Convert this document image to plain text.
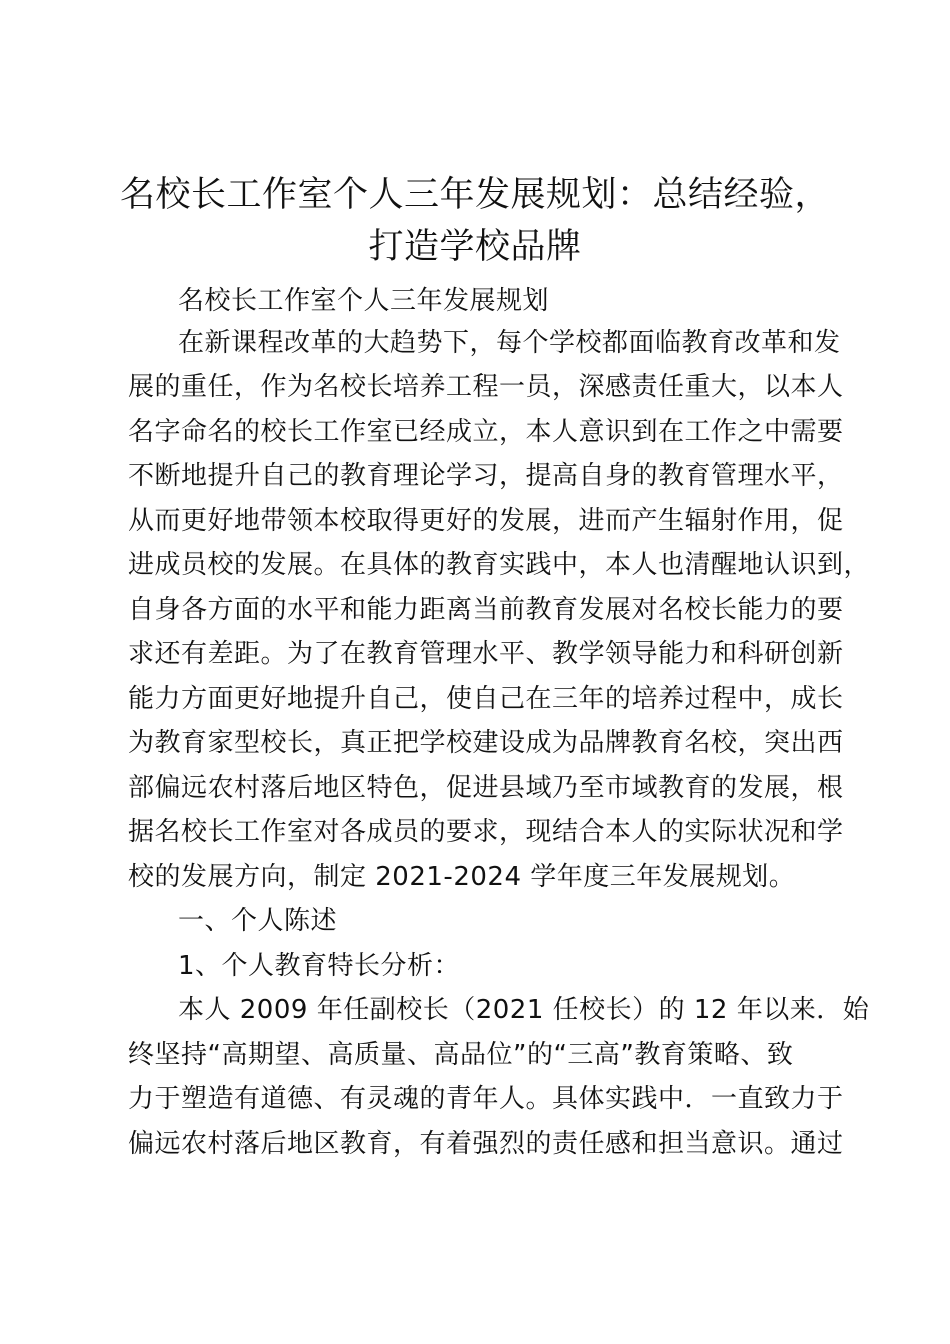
名校长工作室个人三年发展规划：总结经验，
打造学校品牌
名校长工作室个人三年发展规划
在新课程改革的大趋势下，每个学校都面临教育改革和发
展的重任，作为名校长培养工程一员，深感责任重大，以本人
名字命名的校长工作室已经成立，本人意识到在工作之中需要
不断地提升自己的教育理论学习，提高自身的教育管理水平，
从而更好地带领本校取得更好的发展，进而产生辐射作用，促
进成员校的发展。在具体的教育实践中，本人也清醒地认识到，
自身各方面的水平和能力距离当前教育发展对名校长能力的要
求还有差距。为了在教育管理水平、教学领导能力和科研创新
能力方面更好地提升自己，使自己在三年的培养过程中，成长
为教育家型校长，真正把学校建设成为品牌教育名校，突出西
部偏远农村落后地区特色，促进县域乃至市域教育的发展，根
据名校长工作室对各成员的要求，现结合本人的实际状况和学
校的发展方向，制定 2021-2024 学年度三年发展规划。
一、个人陈述
1、个人教育特长分析：
本人 2009 年任副校长（2021 任校长）的 12 年以来．始
终坚持“高期望、高质量、高品位”的“三高”教育策略、致
力于塑造有道德、有灵魂的青年人。具体实践中．一直致力于
偏远农村落后地区教育，有着强烈的责任感和担当意识。通过
